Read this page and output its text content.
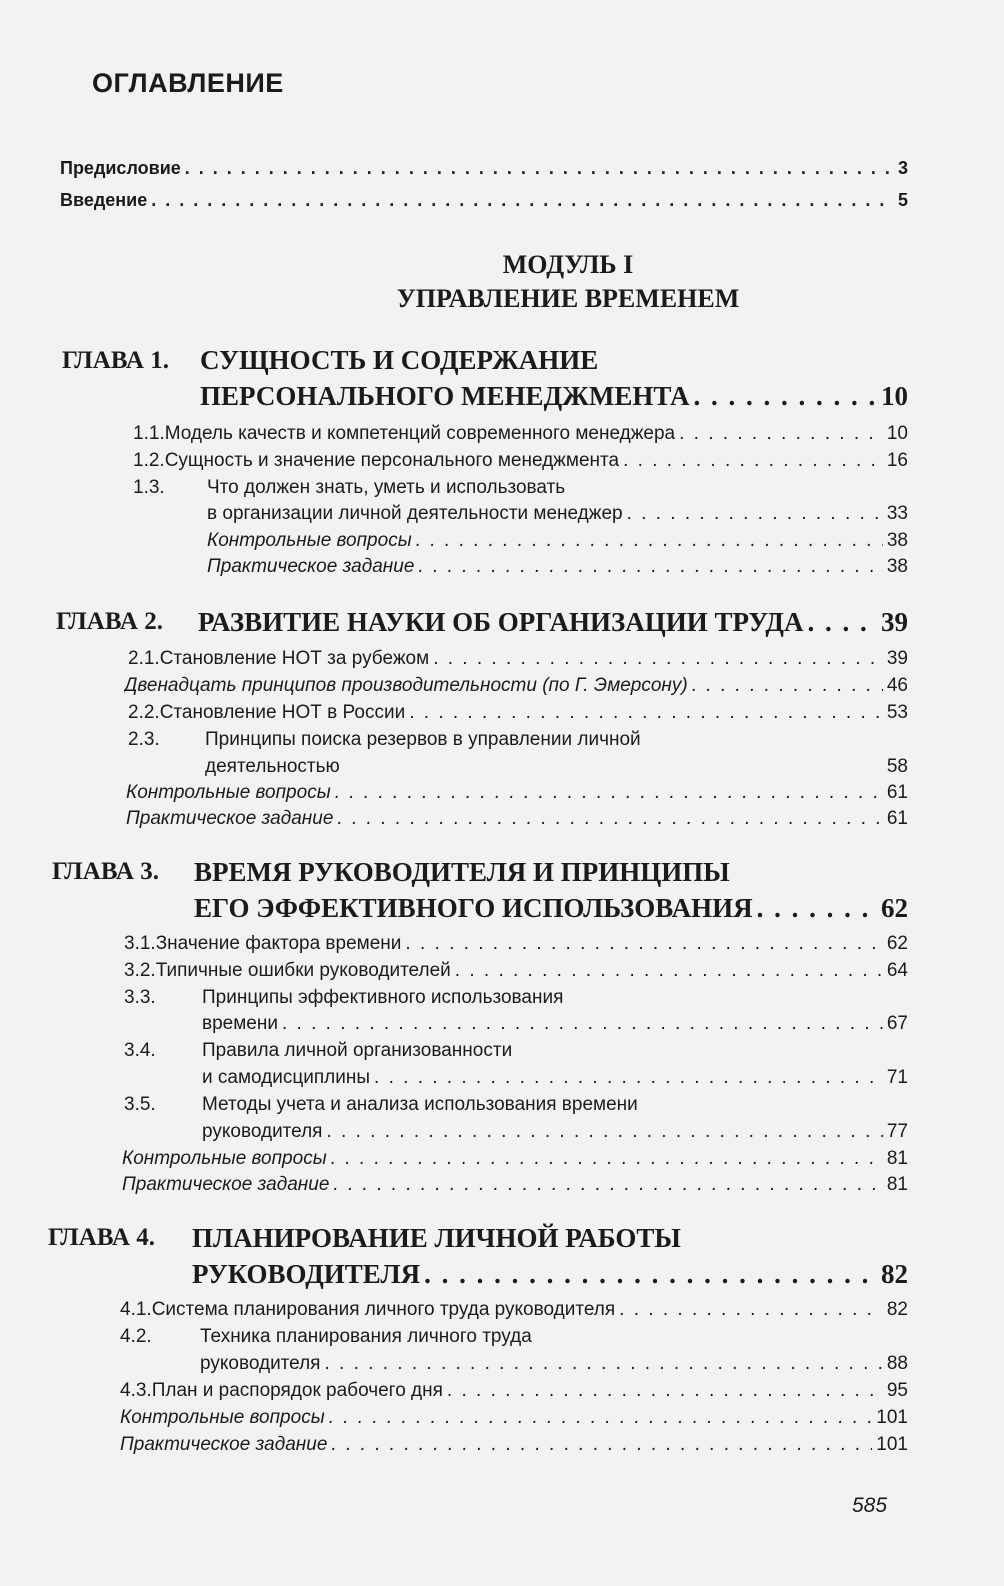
ОГЛАВЛЕНИЕ
Предисловие . . .	3
Введение . . .	5
МОДУЛЬ I
УПРАВЛЕНИЕ ВРЕМЕНЕМ
ГЛАВА 1. СУЩНОСТЬ И СОДЕРЖАНИЕ
ПЕРСОНАЛЬНОГО МЕНЕДЖМЕНТА . . .	10
1.1. Модель качеств и компетенций современного менеджера . . .	10
1.2. Сущность и значение персонального менеджмента . . .	16
1.3. Что должен знать, уметь и использовать
в организации личной деятельности менеджер . . .	33
Контрольные вопросы . . .	38
Практическое задание . . .	38
ГЛАВА 2. РАЗВИТИЕ НАУКИ ОБ ОРГАНИЗАЦИИ ТРУДА . . .	39
2.1. Становление НОТ за рубежом . . .	39
Двенадцать принципов производительности (по Г. Эмерсону) . . .	46
2.2. Становление НОТ в России . . .	53
2.3. Принципы поиска резервов в управлении личной
деятельностью	58
Контрольные вопросы . . .	61
Практическое задание . . .	61
ГЛАВА 3. ВРЕМЯ РУКОВОДИТЕЛЯ И ПРИНЦИПЫ
ЕГО ЭФФЕКТИВНОГО ИСПОЛЬЗОВАНИЯ . . .	62
3.1. Значение фактора времени . . .	62
3.2. Типичные ошибки руководителей . . .	64
3.3. Принципы эффективного использования
времени . . .	67
3.4. Правила личной организованности
и самодисциплины . . .	71
3.5. Методы учета и анализа использования времени
руководителя . . .	77
Контрольные вопросы . . .	81
Практическое задание . . .	81
ГЛАВА 4. ПЛАНИРОВАНИЕ ЛИЧНОЙ РАБОТЫ
РУКОВОДИТЕЛЯ . . .	82
4.1. Система планирования личного труда руководителя . . .	82
4.2.	Техника планирования личного труда
руководителя . . .	88
4.3. План и распорядок рабочего дня . . .	95
Контрольные вопросы . . .	101
Практическое задание . . .	101
585
